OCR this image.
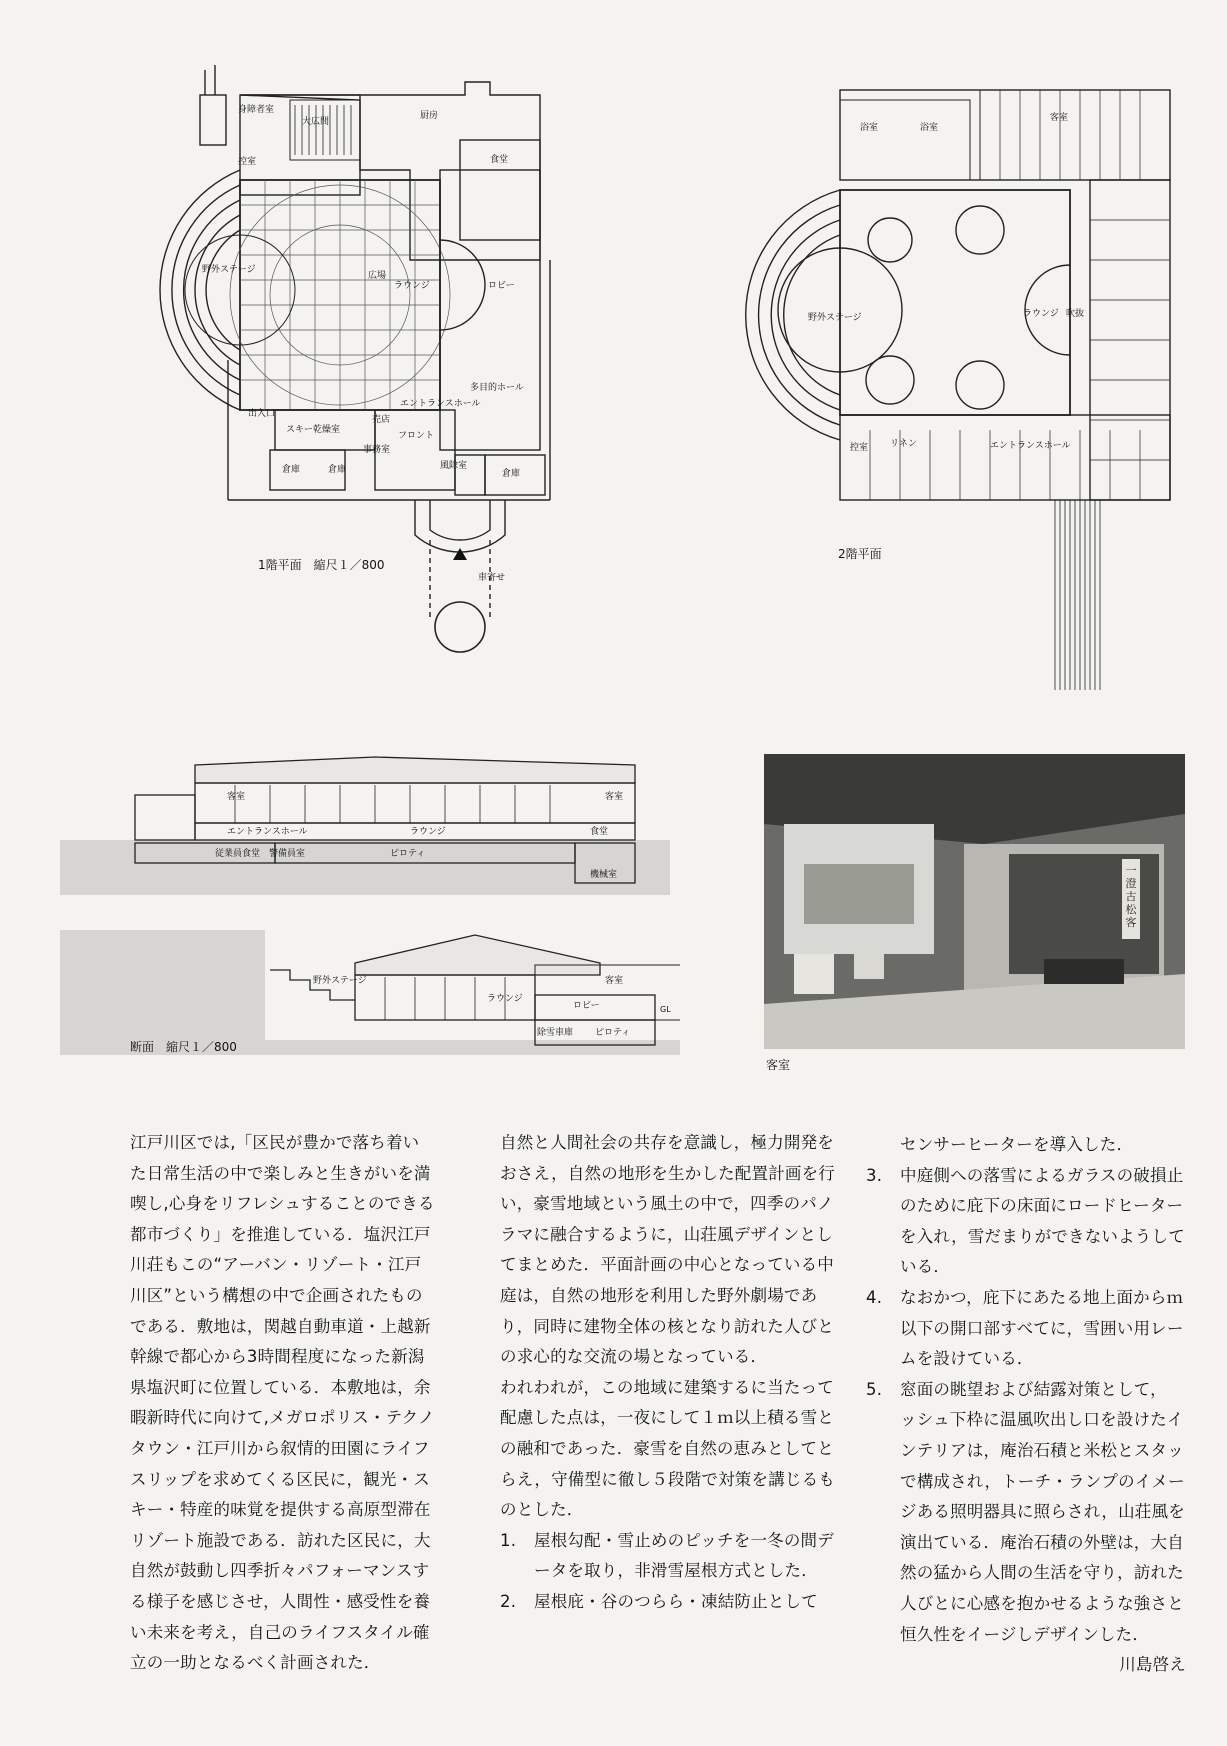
身障者室
大広間
厨房
食堂
控室
野外ステージ
広場
ラウンジ	ロビー
多目的ホール
エントランスホール
売店
フロント
スキー乾燥室
出入口
事務室
倉庫	倉庫	風除室
倉庫
車寄せ
1階平面　縮尺１／800
浴室	浴室
客室
野外ステージ	ラウンジ 吹抜
控室 リネン	エントランスホール
2階平面
客室	客室
エントランスホール	ラウンジ	食堂
従業員食堂　警備員室	ピロティ
機械室
野外ステージ
ラウンジ
ロビー
客室
GL
除雪車庫 ピロティ
断面　縮尺１／800
一澄古松客
客室

江戸川区では,「区民が豊かで落ち着いた日常生活の中で楽しみと生きがいを満喫し,心身をリフレシュすることのできる都市づくり」を推進している．塩沢江戸川荘もこの“アーバン・リゾート・江戸川区”という構想の中で企画されたものである．敷地は，関越自動車道・上越新幹線で都心から3時間程度になった新潟県塩沢町に位置している．本敷地は，余暇新時代に向けて,メガロポリス・テクノタウン・江戸川から叙情的田園にライフスリップを求めてくる区民に，観光・スキー・特産的味覚を提供する高原型滞在リゾート施設である．訪れた区民に，大自然が鼓動し四季折々パフォーマンスする様子を感じさせ，人間性・感受性を養い未来を考え，自己のライフスタイル確立の一助となるべく計画された．

自然と人間社会の共存を意識し，極力開発をおさえ，自然の地形を生かした配置計画を行い，豪雪地域という風土の中で，四季のパノラマに融合するように，山荘風デザインとしてまとめた．平面計画の中心となっている中庭は，自然の地形を利用した野外劇場であり，同時に建物全体の核となり訪れた人びとの求心的な交流の場となっている．

われわれが，この地域に建築するに当たって配慮した点は，一夜にして１ｍ以上積る雪との融和であった．豪雪を自然の恵みとしてとらえ，守備型に徹し５段階で対策を講じるものとした．

1.	屋根勾配・雪止めのピッチを一冬の間データを取り，非滑雪屋根方式とした．
2.	屋根庇・谷のつらら・凍結防止として

センサーヒーターを導入した．

3.	中庭側への落雪によるガラスの破損止のために庇下の床面にロードヒーターを入れ，雪だまりができないようしている．
4.	なおかつ，庇下にあたる地上面からｍ以下の開口部すべてに，雪囲い用レームを設けている．
5.	窓面の眺望および結露対策として，

ッシュ下枠に温風吹出し口を設けたインテリアは，庵治石積と米松とスタッで構成され，トーチ・ランプのイメージある照明器具に照らされ，山荘風を演出ている．庵治石積の外壁は，大自然の猛から人間の生活を守り，訪れた人びとに心感を抱かせるような強さと恒久性をイージしデザインした．

川島啓え
